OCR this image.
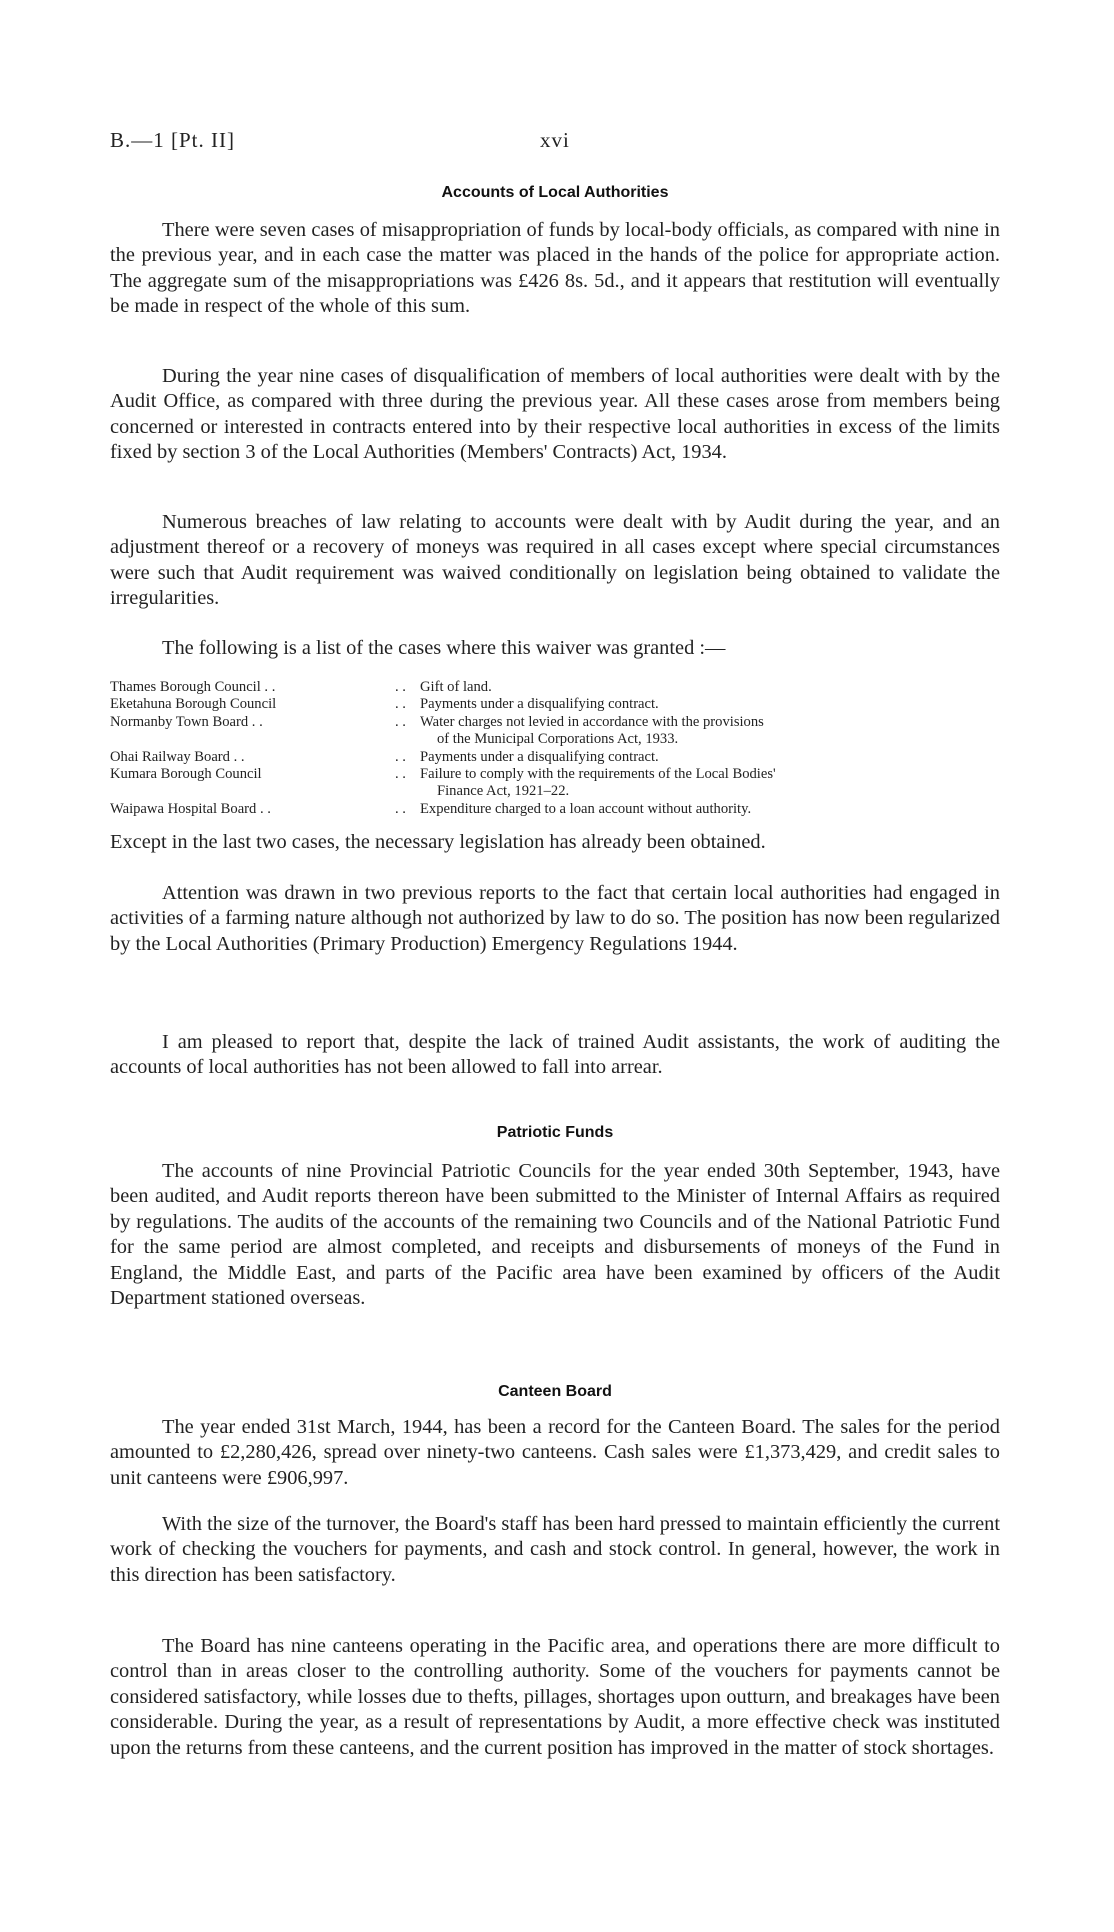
B.—1 [Pt. II]	xvi
Accounts of Local Authorities

There were seven cases of misappropriation of funds by local-body officials, as compared with nine in the previous year, and in each case the matter was placed in the hands of the police for appropriate action. The aggregate sum of the misappropriations was £426 8s. 5d., and it appears that restitution will eventually be made in respect of the whole of this sum.

During the year nine cases of disqualification of members of local authorities were dealt with by the Audit Office, as compared with three during the previous year. All these cases arose from members being concerned or interested in contracts entered into by their respective local authorities in excess of the limits fixed by section 3 of the Local Authorities (Members' Contracts) Act, 1934.

Numerous breaches of law relating to accounts were dealt with by Audit during the year, and an adjustment thereof or a recovery of moneys was required in all cases except where special circumstances were such that Audit requirement was waived conditionally on legislation being obtained to validate the irregularities.

The following is a list of the cases where this waiver was granted :—

Thames Borough Council . .	. . Gift of land.
Eketahuna Borough Council	. . Payments under a disqualifying contract.
Normanby Town Board . .	. . Water charges not levied in accordance with the provisions
of the Municipal Corporations Act, 1933.
Ohai Railway Board . .	. . Payments under a disqualifying contract.
Kumara Borough Council	. . Failure to comply with the requirements of the Local Bodies'
Finance Act, 1921–22.
Waipawa Hospital Board . .	. . Expenditure charged to a loan account without authority.

Except in the last two cases, the necessary legislation has already been obtained.

Attention was drawn in two previous reports to the fact that certain local authorities had engaged in activities of a farming nature although not authorized by law to do so. The position has now been regularized by the Local Authorities (Primary Production) Emergency Regulations 1944.

I am pleased to report that, despite the lack of trained Audit assistants, the work of auditing the accounts of local authorities has not been allowed to fall into arrear.

Patriotic Funds

The accounts of nine Provincial Patriotic Councils for the year ended 30th September, 1943, have been audited, and Audit reports thereon have been submitted to the Minister of Internal Affairs as required by regulations. The audits of the accounts of the remaining two Councils and of the National Patriotic Fund for the same period are almost completed, and receipts and disbursements of moneys of the Fund in England, the Middle East, and parts of the Pacific area have been examined by officers of the Audit Department stationed overseas.

Canteen Board

The year ended 31st March, 1944, has been a record for the Canteen Board. The sales for the period amounted to £2,280,426, spread over ninety-two canteens. Cash sales were £1,373,429, and credit sales to unit canteens were £906,997.

With the size of the turnover, the Board's staff has been hard pressed to maintain efficiently the current work of checking the vouchers for payments, and cash and stock control. In general, however, the work in this direction has been satisfactory.

The Board has nine canteens operating in the Pacific area, and operations there are more difficult to control than in areas closer to the controlling authority. Some of the vouchers for payments cannot be considered satisfactory, while losses due to thefts, pillages, shortages upon outturn, and breakages have been considerable. During the year, as a result of representations by Audit, a more effective check was instituted upon the returns from these canteens, and the current position has improved in the matter of stock shortages.
